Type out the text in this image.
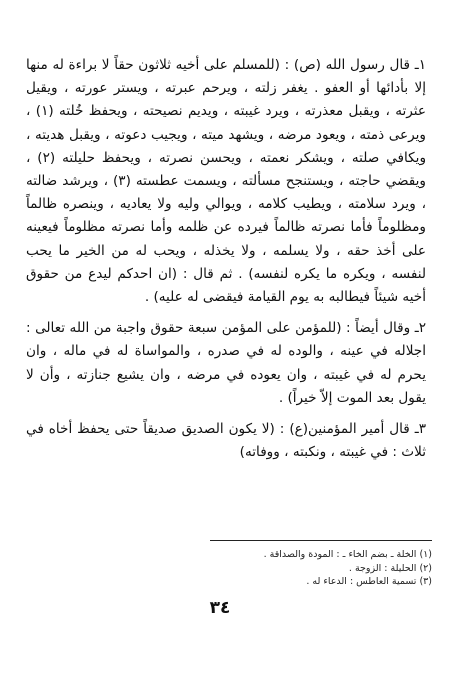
١ـ قال رسول الله (ص) : (للمسلم على أخيه ثلاثون حقاً لا براءة له منها إلا بأدائها أو العفو . يغفر زلته ، ويرحم عبرته ، ويستر عورته ، ويقيل عثرته ، ويقبل معذرته ، ويرد غيبته ، ويديم نصيحته ، ويحفظ خُلته (١) ، ويرعى ذمته ، ويعود مرضه ، ويشهد ميته ، ويجيب دعوته ، ويقبل هديته ، ويكافي صلته ، ويشكر نعمته ، ويحسن نصرته ، ويحفظ حليلته (٢) ، ويقضي حاجته ، ويستنجح مسألته ، ويسمت عطسته (٣) ، ويرشد ضالته ، ويرد سلامته ، ويطيب كلامه ، ويوالي وليه ولا يعاديه ، وينصره ظالماً ومظلوماً فأما نصرته ظالماً فيرده عن ظلمه وأما نصرته مظلوماً فيعينه على أخذ حقه ، ولا يسلمه ، ولا يخذله ، ويحب له من الخير ما يحب لنفسه ، ويكره ما يكره لنفسه) . ثم قال : (ان احدكم ليدع من حقوق أخيه شيئاً فيطالبه به يوم القيامة فيقضى له عليه) .

٢ـ وقال أيضاً : (للمؤمن على المؤمن سبعة حقوق واجبة من الله تعالى : اجلاله في عينه ، والوده له في صدره ، والمواساة له في ماله ، وان يحرم له في غيبته ، وان يعوده في مرضه ، وان يشيع جنازته ، وأن لا يقول بعد الموت إلاّ خيراً) .

٣ـ قال أمير المؤمنين(ع) : (لا يكون الصديق صديقاً حتى يحفظ أخاه في ثلاث : في غيبته ، ونكبته ، ووفاته)

(١) الخلة ـ بضم الخاء ـ : المودة والصداقة .
(٢) الحليلة : الزوجة .
(٣) تسمية العاطس : الدعاء له .
٣٤
